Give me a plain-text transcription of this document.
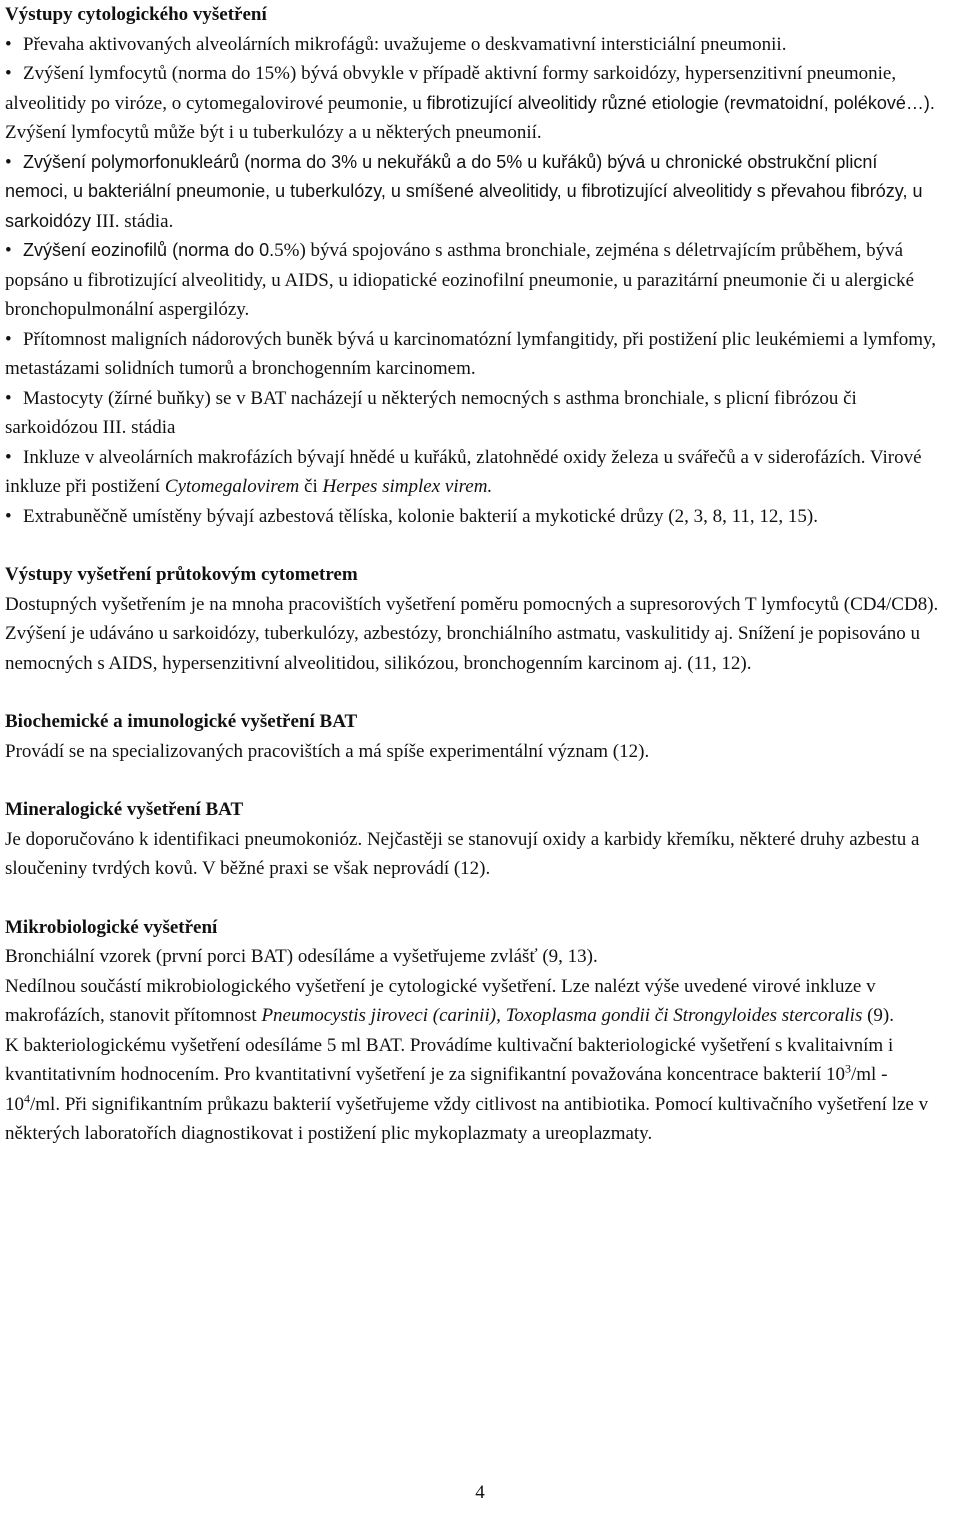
Výstupy cytologického vyšetření
•Převaha aktivovaných alveolárních mikrofágů: uvažujeme o deskvamativní intersticiální pneumonii.
•Zvýšení lymfocytů (norma do 15%) bývá obvykle v případě aktivní formy sarkoidózy, hypersenzitivní pneumonie, alveolitidy po viróze, o cytomegalovirové peumonie, u fibrotizující alveolitidy různé etiologie (revmatoidní, polékové…). Zvýšení lymfocytů může být i u tuberkulózy a u některých pneumonií.
•Zvýšení polymorfonukleárů (norma do 3% u nekuřáků a do 5% u kuřáků) bývá u chronické obstrukční plicní nemoci, u bakteriální pneumonie, u tuberkulózy, u smíšené alveolitidy, u fibrotizující alveolitidy s převahou fibrózy, u sarkoidózy III. stádia.
•Zvýšení eozinofilů (norma do 0.5%) bývá spojováno s asthma bronchiale, zejména s déletrvajícím průběhem, bývá popsáno u fibrotizující alveolitidy, u AIDS, u idiopatické eozinofilní pneumonie, u parazitární pneumonie či u alergické bronchopulmonální aspergilózy.
•Přítomnost maligních nádorových buněk bývá u karcinomatózní lymfangitidy, při postižení plic leukémiemi a lymfomy, metastázami solidních tumorů a bronchogenním karcinomem.
•Mastocyty (žírné buňky) se v BAT nacházejí u některých nemocných s asthma bronchiale, s plicní fibrózou či sarkoidózou III. stádia
•Inkluze v alveolárních makrofázích bývají hnědé u kuřáků, zlatohnědé oxidy železa u svářečů a v siderofázích. Virové inkluze při postižení Cytomegalovirem či Herpes simplex virem.
•Extrabuněčně umístěny bývají azbestová tělíska, kolonie bakterií a mykotické drůzy (2, 3, 8, 11, 12, 15).
Výstupy vyšetření průtokovým cytometrem

Dostupných vyšetřením je na mnoha pracovištích vyšetření poměru pomocných a supresorových T lymfocytů (CD4/CD8). Zvýšení je udáváno u sarkoidózy, tuberkulózy, azbestózy, bronchiálního astmatu, vaskulitidy aj. Snížení je popisováno u nemocných s AIDS, hypersenzitivní alveolitidou, silikózou, bronchogenním karcinom aj. (11, 12).

Biochemické a imunologické vyšetření BAT

Provádí se na specializovaných pracovištích a má spíše experimentální význam (12).

Mineralogické vyšetření BAT

Je doporučováno k identifikaci pneumokonióz. Nejčastěji se stanovují oxidy a karbidy křemíku, některé druhy azbestu a sloučeniny tvrdých kovů. V běžné praxi se však neprovádí (12).

Mikrobiologické vyšetření

Bronchiální vzorek (první porci BAT) odesíláme a vyšetřujeme zvlášť (9, 13).

Nedílnou součástí mikrobiologického vyšetření je cytologické vyšetření. Lze nalézt výše uvedené virové inkluze v makrofázích, stanovit přítomnost Pneumocystis jiroveci (carinii), Toxoplasma gondii či Strongyloides stercoralis (9).

K bakteriologickému vyšetření odesíláme 5 ml BAT. Provádíme kultivační bakteriologické vyšetření s kvalitaivním i kvantitativním hodnocením. Pro kvantitativní vyšetření je za signifikantní považována koncentrace bakterií $10^3/ml - 10^4/ml$. Při signifikantním průkazu bakterií vyšetřujeme vždy citlivost na antibiotika. Pomocí kultivačního vyšetření lze v některých laboratořích diagnostikovat i postižení plic mykoplazmaty a ureoplazmaty.

4
